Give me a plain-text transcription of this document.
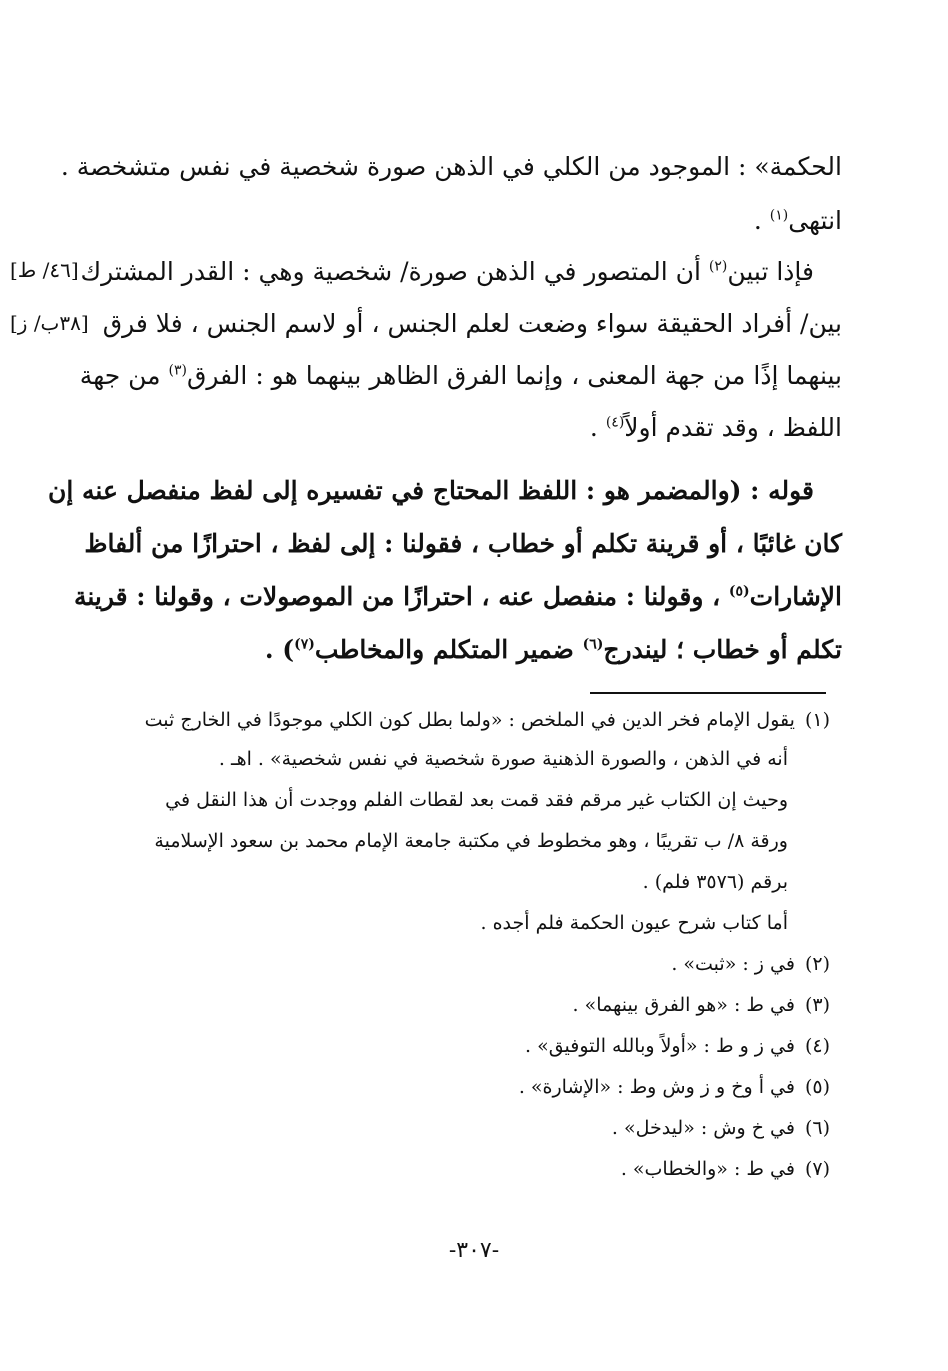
الحكمة» : الموجود من الكلي في الذهن صورة شخصية في نفس متشخصة .
انتهى$^{(١)}$ .
[٤٦/ ط]
[٣٨ب/ ز]
فإذا تبين$^{(٢)}$ أن المتصور في الذهن صورة/ شخصية وهي : القدر المشترك
بين/ أفراد الحقيقة سواء وضعت لعلم الجنس ، أو لاسم الجنس ، فلا فرق
بينهما إذًا من جهة المعنى ، وإنما الفرق الظاهر بينهما هو : الفرق$^{(٣)}$ من جهة
اللفظ ، وقد تقدم أولاً$^{(٤)}$ .
قوله : (والمضمر هو : اللفظ المحتاج في تفسيره إلى لفظ منفصل عنه إن
كان غائبًا ، أو قرينة تكلم أو خطاب ، فقولنا : إلى لفظ ، احترازًا من ألفاظ
الإشارات$^{(٥)}$ ، وقولنا : منفصل عنه ، احترازًا من الموصولات ، وقولنا : قرينة
تكلم أو خطاب ؛ ليندرج$^{(٦)}$ ضمير المتكلم والمخاطب$^{(٧)}$) .
(١)يقول الإمام فخر الدين في الملخص : «ولما بطل كون الكلي موجودًا في الخارج ثبت
أنه في الذهن ، والصورة الذهنية صورة شخصية في نفس شخصية» . اهـ .
وحيث إن الكتاب غير مرقم فقد قمت بعد لقطات الفلم ووجدت أن هذا النقل في
ورقة ٨/ ب تقريبًا ، وهو مخطوط في مكتبة جامعة الإمام محمد بن سعود الإسلامية
برقم (٣٥٧٦ فلم) .
أما كتاب شرح عيون الحكمة فلم أجده .
(٢)في ز : «ثبت» .
(٣)في ط : «هو الفرق بينهما» .
(٤)في ز و ط : «أولاً وبالله التوفيق» .
(٥)في أ وخ و ز وش وط : «الإشارة» .
(٦)في خ وش : «ليدخل» .
(٧)في ط : «والخطاب» .
-٣٠٧-
